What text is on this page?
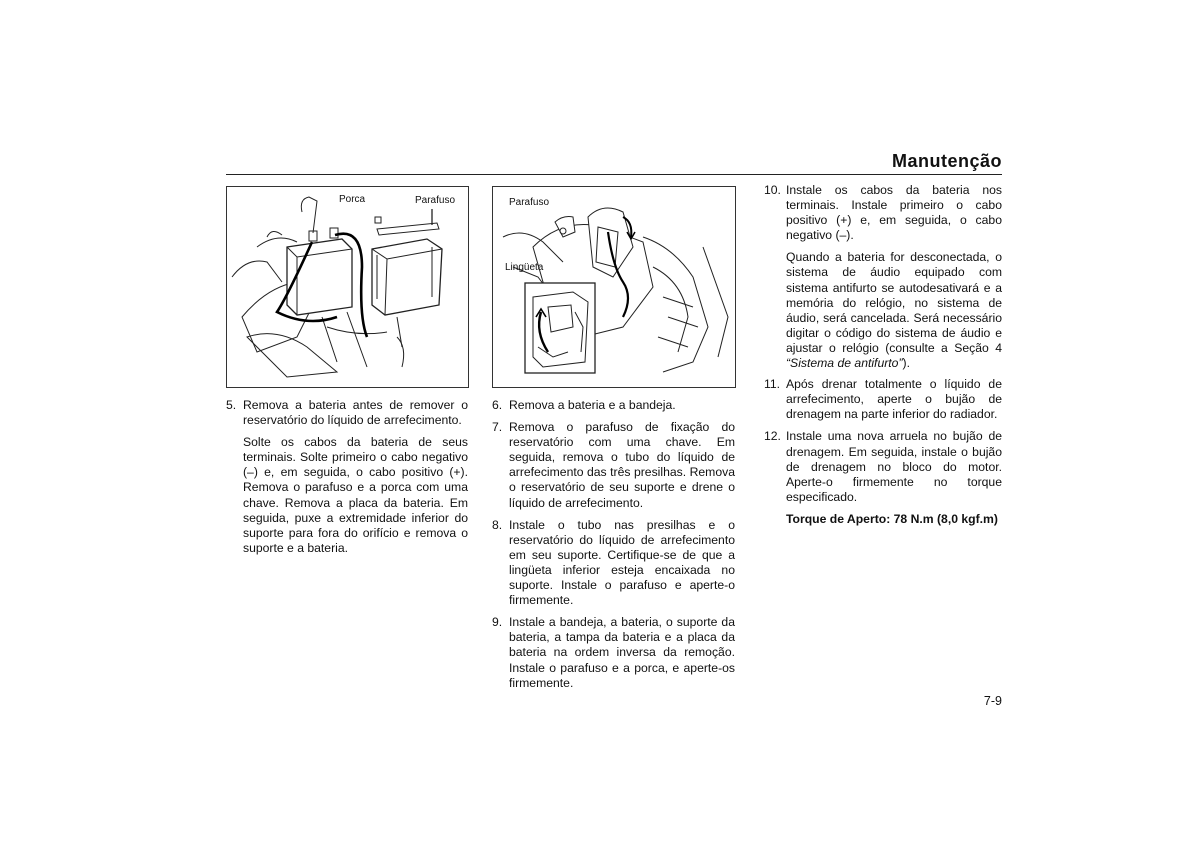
Manutenção
Porca	Parafuso	Parafuso
Lingüeta
5. Remova a bateria antes de remover o reservatório do líquido de arrefecimento.
Solte os cabos da bateria de seus terminais. Solte primeiro o cabo negativo (–) e, em seguida, o cabo positivo (+). Remova o parafuso e a porca com uma chave. Remova a placa da bateria. Em seguida, puxe a extremidade inferior do suporte para fora do orifício e remova o suporte e a bateria.
6. Remova a bateria e a bandeja.
7. Remova o parafuso de fixação do reservatório com uma chave. Em seguida, remova o tubo do líquido de arrefecimento das três presilhas. Remova o reservatório de seu suporte e drene o líquido de arrefecimento.
8. Instale o tubo nas presilhas e o reservatório do líquido de arrefecimento em seu suporte. Certifique-se de que a lingüeta inferior esteja encaixada no suporte. Instale o parafuso e aperte-o firmemente.
9. Instale a bandeja, a bateria, o suporte da bateria, a tampa da bateria e a placa da bateria na ordem inversa da remoção. Instale o parafuso e a porca, e aperte-os firmemente.
10. Instale os cabos da bateria nos terminais. Instale primeiro o cabo positivo (+) e, em seguida, o cabo negativo (–).
Quando a bateria for desconectada, o sistema de áudio equipado com sistema antifurto se autodesativará e a memória do relógio, no sistema de áudio, será cancelada. Será necessário digitar o código do sistema de áudio e ajustar o relógio (consulte a Seção 4 “Sistema de antifurto”).
11. Após drenar totalmente o líquido de arrefecimento, aperte o bujão de drenagem na parte inferior do radiador.
12. Instale uma nova arruela no bujão de drenagem. Em seguida, instale o bujão de drenagem no bloco do motor. Aperte-o firmemente no torque especificado.
Torque de Aperto: 78 N.m (8,0 kgf.m)
7-9
